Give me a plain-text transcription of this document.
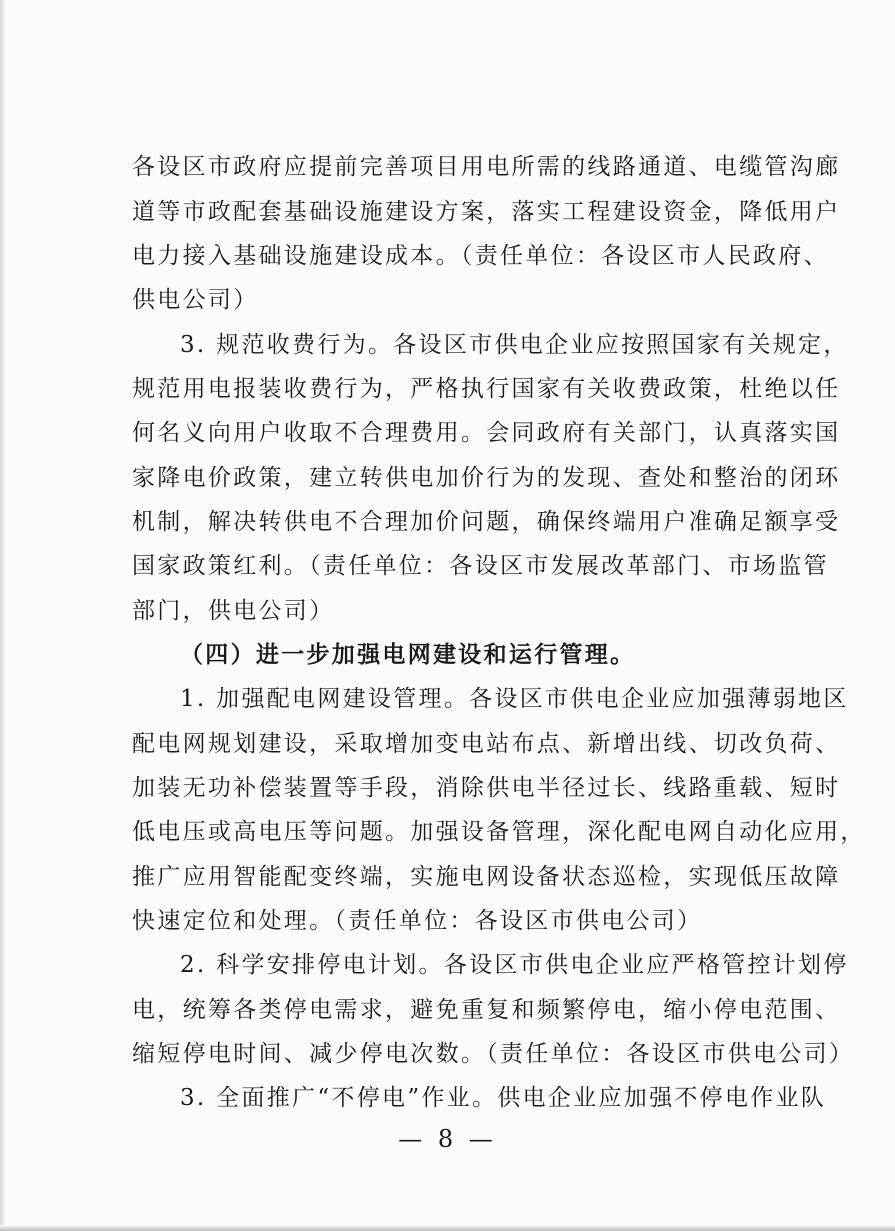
各设区市政府应提前完善项目用电所需的线路通道、电缆管沟廊
道等市政配套基础设施建设方案，落实工程建设资金，降低用户
电力接入基础设施建设成本。（责任单位：各设区市人民政府、
供电公司）
3. 规范收费行为。各设区市供电企业应按照国家有关规定，
规范用电报装收费行为，严格执行国家有关收费政策，杜绝以任
何名义向用户收取不合理费用。会同政府有关部门，认真落实国
家降电价政策，建立转供电加价行为的发现、查处和整治的闭环
机制，解决转供电不合理加价问题，确保终端用户准确足额享受
国家政策红利。（责任单位：各设区市发展改革部门、市场监管
部门，供电公司）
（四）进一步加强电网建设和运行管理。
1. 加强配电网建设管理。各设区市供电企业应加强薄弱地区
配电网规划建设，采取增加变电站布点、新增出线、切改负荷、
加装无功补偿装置等手段，消除供电半径过长、线路重载、短时
低电压或高电压等问题。加强设备管理，深化配电网自动化应用，
推广应用智能配变终端，实施电网设备状态巡检，实现低压故障
快速定位和处理。（责任单位：各设区市供电公司）
2. 科学安排停电计划。各设区市供电企业应严格管控计划停
电，统筹各类停电需求，避免重复和频繁停电，缩小停电范围、
缩短停电时间、减少停电次数。（责任单位：各设区市供电公司）
3. 全面推广“不停电”作业。供电企业应加强不停电作业队
— 8 —
